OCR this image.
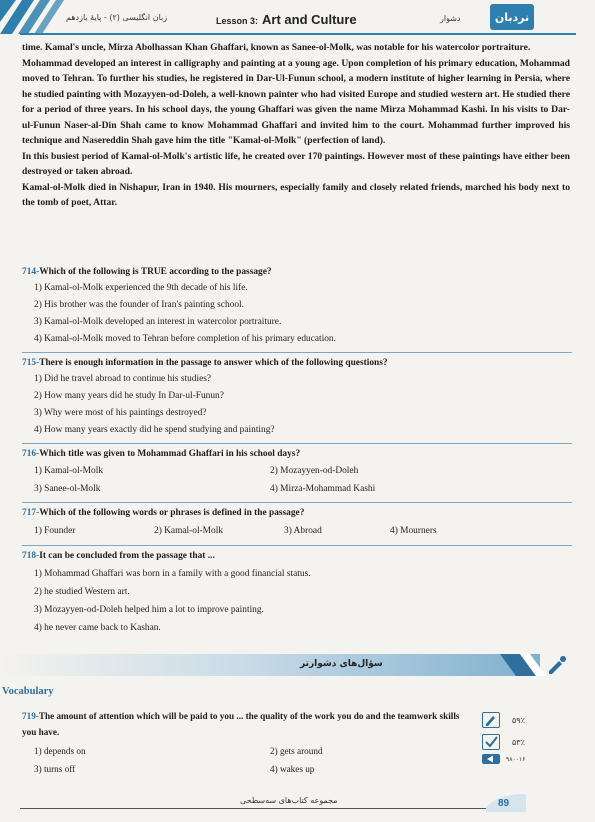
زبان انگلیسی (۲) - پایهٔ یازدهم	Lesson 3: Art and Culture	دشوار	نردبان

time. Kamal's uncle, Mirza Abolhassan Khan Ghaffari, known as Sanee-ol-Molk, was notable for his watercolor portraiture.

Mohammad developed an interest in calligraphy and painting at a young age. Upon completion of his primary education, Mohammad moved to Tehran. To further his studies, he registered in Dar-Ul-Funun school, a modern institute of higher learning in Persia, where he studied painting with Mozayyen-od-Doleh, a well-known painter who had visited Europe and studied western art. He studied there for a period of three years. In his school days, the young Ghaffari was given the name Mirza Mohammad Kashi. In his visits to Dar-ul-Funun Naser-al-Din Shah came to know Mohammad Ghaffari and invited him to the court. Mohammad further improved his technique and Nasereddin Shah gave him the title "Kamal-ol-Molk" (perfection of land).

In this busiest period of Kamal-ol-Molk's artistic life, he created over 170 paintings. However most of these paintings have either been destroyed or taken abroad.

Kamal-ol-Molk died in Nishapur, Iran in 1940. His mourners, especially family and closely related friends, marched his body next to the tomb of poet, Attar.

714-Which of the following is TRUE according to the passage?
1) Kamal-ol-Molk experienced the 9th decade of his life.
2) His brother was the founder of Iran's painting school.
3) Kamal-ol-Molk developed an interest in watercolor portraiture.
4) Kamal-ol-Molk moved to Tehran before completion of his primary education.
715-There is enough information in the passage to answer which of the following questions?
1) Did he travel abroad to continue his studies?
2) How many years did he study In Dar-ul-Funun?
3) Why were most of his paintings destroyed?
4) How many years exactly did he spend studying and painting?
716-Which title was given to Mohammad Ghaffari in his school days?
1) Kamal-ol-Molk	2) Mozayyen-od-Doleh
3) Sanee-ol-Molk	4) Mirza-Mohammad Kashi
717-Which of the following words or phrases is defined in the passage?
1) Founder	2) Kamal-ol-Molk	3) Abroad	4) Mourners
718-It can be concluded from the passage that ...
1) Mohammad Ghaffari was born in a family with a good financial status.
2) he studied Western art.
3) Mozayyen-od-Doleh helped him a lot to improve painting.
4) he never came back to Kashan.
سؤال‌های دشوارتر
Vocabulary
719-The amount of attention which will be paid to you ... the quality of the work you do and the teamwork skills you have.
1) depends on	2) gets around
3) turns off	4) wakes up
۵۹٪
۵۳٪
۹۸۰۰۱۶
مجموعه کتاب‌های سه‌سطحی	89
